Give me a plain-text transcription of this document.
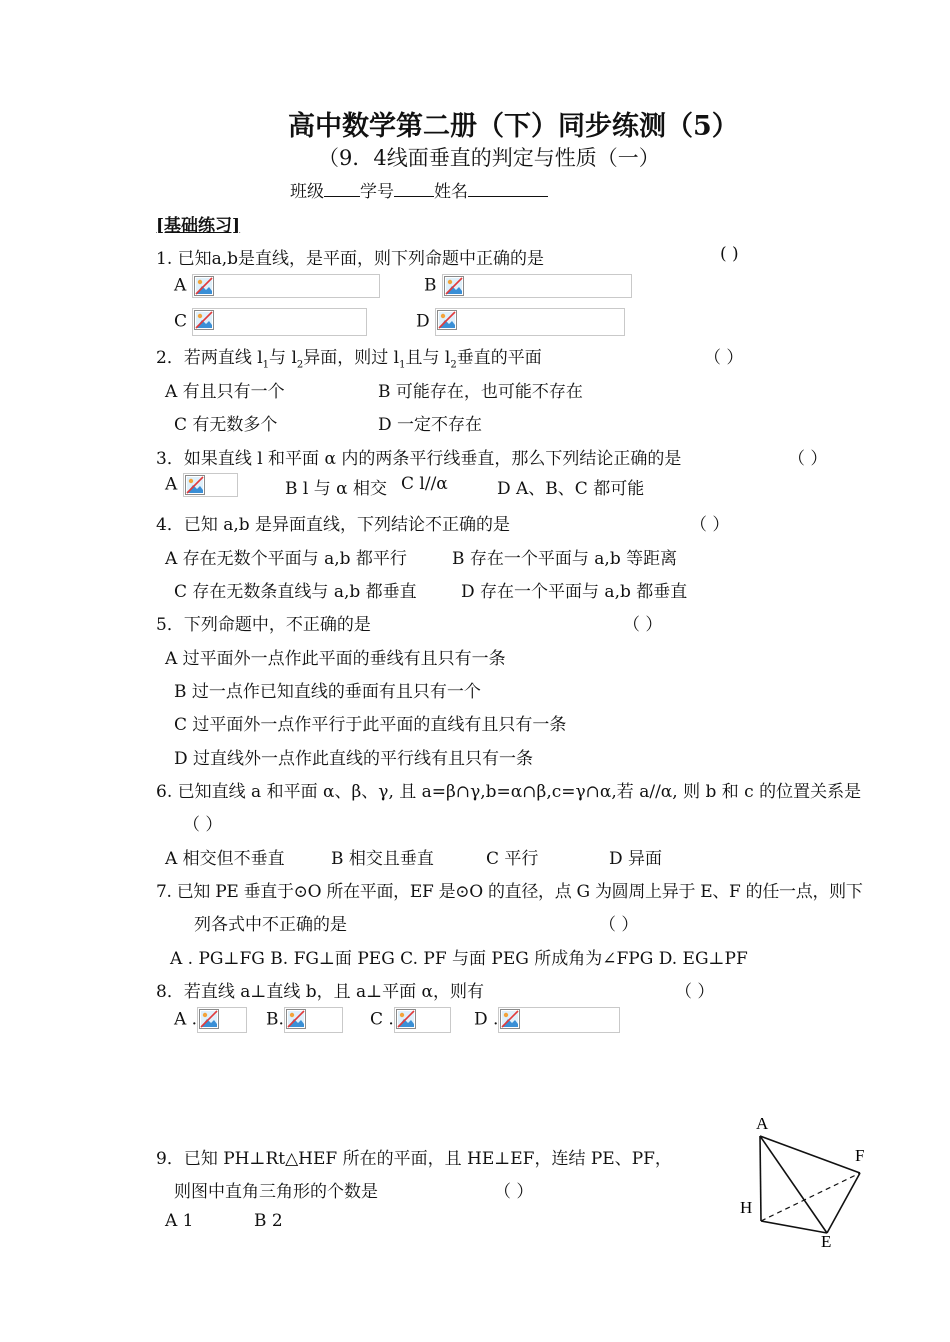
高中数学第二册（下）同步练测（5）
（9．4线面垂直的判定与性质（一）
班级 学号 姓名
[基础练习]
1. 已知a,b是直线，是平面，则下列命题中正确的是	( )
A	B
C	D
2．若两直线 $l_1$与 $l_2$异面，则过 $l_1$且与 $l_2$垂直的平面	（ ）
A 有且只有一个	B 可能存在，也可能不存在
C 有无数多个	D 一定不存在
3．如果直线 l 和平面 α 内的两条平行线垂直，那么下列结论正确的是	（ ）
A	B l 与 α 相交 C l//α	D A、B、C 都可能
4．已知 a,b 是异面直线，下列结论不正确的是	（ ）
A 存在无数个平面与 a,b 都平行	B 存在一个平面与 a,b 等距离
C 存在无数条直线与 a,b 都垂直	D 存在一个平面与 a,b 都垂直
5．下列命题中，不正确的是	（ ）
A 过平面外一点作此平面的垂线有且只有一条
B 过一点作已知直线的垂面有且只有一个
C 过平面外一点作平行于此平面的直线有且只有一条
D 过直线外一点作此直线的平行线有且只有一条
6. 已知直线 a 和平面 α、β、γ, 且 a=β∩γ,b=α∩β,c=γ∩α,若 a//α, 则 b 和 c 的位置关系是
（ ）
A 相交但不垂直	B 相交且垂直	C 平行	D 异面
7. 已知 PE 垂直于⊙O 所在平面，EF 是⊙O 的直径，点 G 为圆周上异于 E、F 的任一点，则下
列各式中不正确的是	（ ）
A . PG⊥FG B. FG⊥面 PEG C. PF 与面 PEG 所成角为∠FPG D. EG⊥PF
8．若直线 a⊥直线 b，且 a⊥平面 α，则有	（ ）
A .	B.	C .	D .
9．已知 PH⊥Rt△HEF 所在的平面，且 HE⊥EF，连结 PE、PF，
则图中直角三角形的个数是	（ ）
A 1	B 2
A
F
H
E
